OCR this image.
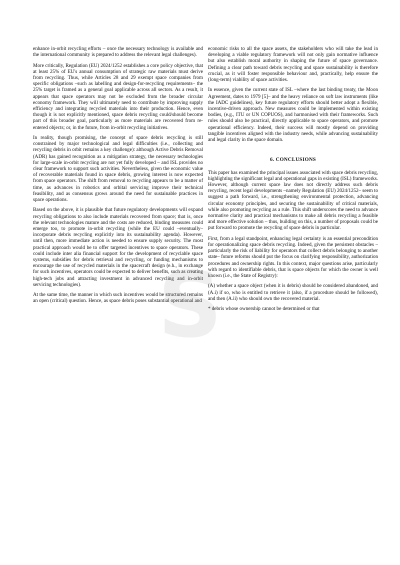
enhance in-orbit recycling efforts – once the necessary technology is available and the international community is prepared to address the relevant legal challenges).

More critically, Regulation (EU) 2024/1252 establishes a core policy objective, that at least 25% of EU's annual consumption of strategic raw materials must derive from recycling. Thus, while Articles 28 and 29 exempt space companies from specific obligations –such as labelling and design-for-recycling requirements– the 25% target is framed as a general goal applicable across all sectors. As a result, it appears that space operators may not be excluded from the broader circular economy framework. They will ultimately need to contribute by improving supply efficiency and integrating recycled materials into their production. Hence, even though it is not explicitly mentioned, space debris recycling could/should become part of this broader goal, particularly as more materials are recovered from re-entered objects; or, in the future, from in-orbit recycling initiatives.

In reality, though promising, the concept of space debris recycling is still constrained by major technological and legal difficulties (i.e., collecting and recycling debris in orbit remains a key challenge): although Active Debris Removal (ADR) has gained recognition as a mitigation strategy, the necessary technologies for large-scale in-orbit recycling are not yet fully developed – and ISL provides no clear framework to support such activities. Nevertheless, given the economic value of recoverable materials found in space debris, growing interest is now expected from space operators. The shift from removal to recycling appears to be a matter of time, as advances in robotics and orbital servicing improve their technical feasibility, and as consensus grows around the need for sustainable practices in space operations.

Based on the above, it is plausible that future regulatory developments will expand recycling obligations to also include materials recovered from space; that is, once the relevant technologies mature and the costs are reduced, binding measures could emerge too, to promote in-orbit recycling (while the EU could –eventually– incorporate debris recycling explicitly into its sustainability agenda). However, until then, more immediate action is needed to ensure supply security. The most practical approach would be to offer targeted incentives to space operators. These could include inter alia financial support for the development of recyclable space systems, subsidies for debris retrieval and recycling, or funding mechanisms to encourage the use of recycled materials in the spacecraft design (e.h., in exchange for such incentives, operators could be expected to deliver benefits, such as creating high-tech jobs and attracting investment in advanced recycling and in-orbit servicing technologies).

At the same time, the manner in which such incentives would be structured remains an open (critical) question. Hence, as space debris poses substantial operational and

economic risks to all the space assets, the stakeholders who will take the lead in developing a viable regulatory framework will not only gain normative influence but also establish moral authority in shaping the future of space governance. Defining a clear path toward debris recycling and space sustainability is therefore crucial, as it will foster responsible behaviour and, practically, help ensure the (long-term) viability of space activities.

In essence, given the current state of ISL –where the last binding treaty, the Moon Agreement, dates to 1979 [5]– and the heavy reliance on soft law instruments (like the IADC guidelines), key future regulatory efforts should better adopt a flexible, incentive-driven approach. New measures could be implemented within existing bodies, (e.g., ITU or UN COPUOS), and harmonised with their frameworks. Such rules should also be practical, directly applicable to space operators, and promote operational efficiency. Indeed, their success will mostly depend on providing tangible incentives aligned with the industry needs, while advancing sustainability and legal clarity in the space domain.

6. CONCLUSIONS

This paper has examined the principal issues associated with space debris recycling, highlighting the significant legal and operational gaps in existing (ISL) frameworks. However, although current space law does not directly address such debris recycling, recent legal developments –namely Regulation (EU) 2024/1252– seem to suggest a path forward, i.e., strengthening environmental protection, advancing circular economy principles, and securing the sustainability of critical materials, while also promoting recycling as a rule. This shift underscores the need to advance normative clarity and practical mechanisms to make all debris recycling a feasible and more effective solution – thus, building on this, a number of proposals could be put forward to promote the recycling of space debris in particular.

First, from a legal standpoint, enhancing legal certainty is an essential precondition for operationalizing space debris recycling. Indeed, given the persistent obstacles – particularly the risk of liability for operators that collect debris belonging to another state– future reforms should put the focus on clarifying responsibility, authorization procedures and ownership rights. In this context, major questions arise, particularly with regard to identifiable debris, that is space objects for which the owner is well known (i.e., the State of Registry):

(A) whether a space object (when it is debris) should be considered abandoned, and (A.i) if so, who is entitled to retrieve it (also, if a procedure should be followed), and then (A.ii) who should own the recovered material.

* debris whose ownership cannot be determined or that

S
